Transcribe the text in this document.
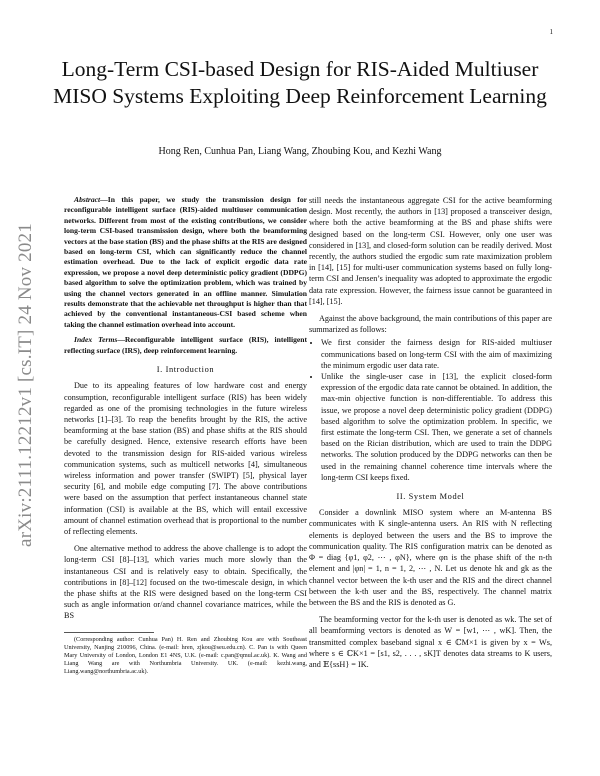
1
arXiv:2111.12212v1 [cs.IT] 24 Nov 2021
Long-Term CSI-based Design for RIS-Aided Multiuser MISO Systems Exploiting Deep Reinforcement Learning
Hong Ren, Cunhua Pan, Liang Wang, Zhoubing Kou, and Kezhi Wang

Abstract—In this paper, we study the transmission design for reconfigurable intelligent surface (RIS)-aided multiuser communication networks. Different from most of the existing contributions, we consider long-term CSI-based transmission design, where both the beamforming vectors at the base station (BS) and the phase shifts at the RIS are designed based on long-term CSI, which can significantly reduce the channel estimation overhead. Due to the lack of explicit ergodic data rate expression, we propose a novel deep deterministic policy gradient (DDPG) based algorithm to solve the optimization problem, which was trained by using the channel vectors generated in an offline manner. Simulation results demonstrate that the achievable net throughput is higher than that achieved by the conventional instantaneous-CSI based scheme when taking the channel estimation overhead into account.

Index Terms—Reconfigurable intelligent surface (RIS), intelligent reflecting surface (IRS), deep reinforcement learning.

I. Introduction

Due to its appealing features of low hardware cost and energy consumption, reconfigurable intelligent surface (RIS) has been widely regarded as one of the promising technologies in the future wireless networks [1]–[3]. To reap the benefits brought by the RIS, the active beamforming at the base station (BS) and phase shifts at the RIS should be carefully designed. Hence, extensive research efforts have been devoted to the transmission design for RIS-aided various wireless communication systems, such as multicell networks [4], simultaneous wireless information and power transfer (SWIPT) [5], physical layer security [6], and mobile edge computing [7]. The above contributions were based on the assumption that perfect instantaneous channel state information (CSI) is available at the BS, which will entail excessive amount of channel estimation overhead that is proportional to the number of reflecting elements.

One alternative method to address the above challenge is to adopt the long-term CSI [8]–[13], which varies much more slowly than the instantaneous CSI and is relatively easy to obtain. Specifically, the contributions in [8]–[12] focused on the two-timescale design, in which the phase shifts at the RIS were designed based on the long-term CSI such as angle information or/and channel covariance matrices, while the BS

(Corresponding author: Cunhua Pan) H. Ren and Zhoubing Kou are with Southeast University, Nanjing 210096, China. (e-mail: hren, zjkou@seu.edu.cn). C. Pan is with Queen Mary University of London, London E1 4NS, U.K. (e-mail: c.pan@qmul.ac.uk). K. Wang and Liang Wang are with Northumbria University. UK. (e-mail: kezhi.wang, Liang.wang@northumbria.ac.uk).

still needs the instantaneous aggregate CSI for the active beamforming design. Most recently, the authors in [13] proposed a transceiver design, where both the active beamforming at the BS and phase shifts were designed based on the long-term CSI. However, only one user was considered in [13], and closed-form solution can be readily derived. Most recently, the authors studied the ergodic sum rate maximization problem in [14], [15] for multi-user communication systems based on fully long-term CSI and Jensen’s inequality was adopted to approximate the ergodic data rate expression. However, the fairness issue cannot be guaranteed in [14], [15].

Against the above background, the main contributions of this paper are summarized as follows:

• We first consider the fairness design for RIS-aided multiuser communications based on long-term CSI with the aim of maximizing the minimum ergodic user data rate.
• Unlike the single-user case in [13], the explicit closed-form expression of the ergodic data rate cannot be obtained. In addition, the max-min objective function is non-differentiable. To address this issue, we propose a novel deep deterministic policy gradient (DDPG) based algorithm to solve the optimization problem. In specific, we first estimate the long-term CSI. Then, we generate a set of channels based on the Rician distribution, which are used to train the DDPG networks. The solution produced by the DDPG networks can then be used in the remaining channel coherence time intervals where the long-term CSI keeps fixed.

II. System Model

Consider a downlink MISO system where an M-antenna BS communicates with K single-antenna users. An RIS with N reflecting elements is deployed between the users and the BS to improve the communication quality. The RIS configuration matrix can be denoted as Φ = diag {φ1, φ2, ⋯ , φN}, where φn is the phase shift of the n-th element and |φn| = 1, n = 1, 2, ⋯ , N. Let us denote hk and gk as the channel vector between the k-th user and the RIS and the direct channel between the k-th user and the BS, respectively. The channel matrix between the BS and the RIS is denoted as G.

The beamforming vector for the k-th user is denoted as wk. The set of all beamforming vectors is denoted as W = [w1, ⋯ , wK]. Then, the transmitted complex baseband signal x ∈ ℂM×1 is given by x = Ws, where s ∈ ℂK×1 = [s1, s2, . . . , sK]T denotes data streams to K users, and 𝔼{ssH} = IK.
